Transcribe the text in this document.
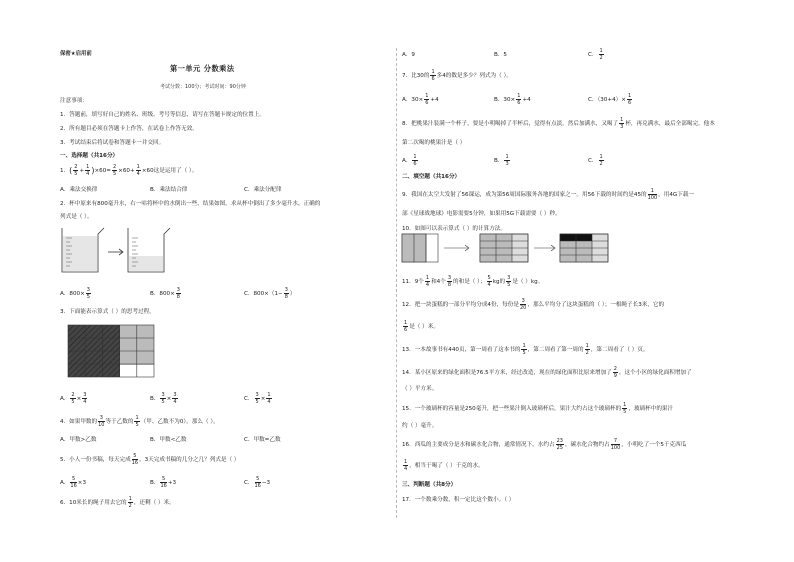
保密★启用前
第一单元 分数乘法
考试分数：100分；考试时间：90分钟
注意事项：
1．答题前，填写好自己的姓名、班级、考号等信息，请写在答题卡规定的位置上。
2．所有题目必须在答题卡上作答，在试卷上作答无效。
3．考试结束后将试卷和答题卡一并交回。
一、选择题（共16分）
1．( $\frac{2}{5} + \frac{1}{4} )\times 60= \frac{2}{5} \times 60+ \frac{1}{4} \times 60$这是运用了（ ）。
A．乘法交换律	B．乘法结合律	C．乘法分配律
2．杯中原来有800毫升水，右一咕将杯中的水倒出一些，结果如图。求从杯中倒出了多少毫升水，正确的
列式是（ ）。
A．$800\times \frac{3}{5}$	B．$800\times \frac{3}{8}$	C．$800\times(1- \frac{3}{8}$ ）
3．下面能表示算式（ ）的思考过程。
A． $\frac{2}{5} \times \frac{3}{4}$	B． $\frac{3}{5} \times \frac{3}{4}$	C． $\frac{3}{5} \times \frac{1}{4}$
4．如果甲数的 $\frac{3}{10}$ 等于乙数的 $\frac{1}{5}$ （甲、乙数不为0），那么（ ）。
A．甲数>乙数	B．甲数<乙数	C．甲数=乙数
5．小人一份书稿，每天完成 $\frac{5}{16}$ ，3天完成书稿的几分之几？列式是（ ）
A． $\frac{5}{16} \times 3$	B． $\frac{5}{16} +3$	C． $\frac{5}{16} -3$
6．10米长的绳子用去它的 $\frac{1}{2}$ ，还剩（ ）米。
A．9	B．5	C． $\frac{1}{2}$
7．比30的 $\frac{1}{6}$ 多4的数是多少？列式为（ ）。
A．$30\times \frac{1}{6} +4$	B．$30\times \frac{1}{6} +4$	C．$(30+4)\times \frac{1}{6}$
8．把桃果汁装满一个杯子，要是小明喝掉了半杯后，觉得有点淡，然后加满水，又喝了 $\frac{1}{3}$ 杯，再兑满水，最后全部喝完。他本
第二次喝的桃果汁是（ ）
A． $\frac{1}{6}$	B． $\frac{1}{3}$	C． $\frac{1}{2}$
二、填空题（共16分）
9．我国在太空大发射了56课运，成为第56周国际服务各地的国家之一。用56下载的时间约是45的 $\frac{1}{100}$ ，用4G下载一
部《星球战地球》电影需要5分钟，如果用5G下载需要（ ）秒。
10．如图可以表示算式（ ）的计算方法。
11．9个 $\frac{1}{4}$ 和4个 $\frac{3}{8}$ 的和是（ ）； $\frac{5}{4}$ kg的 $\frac{3}{5}$ 是（ ）kg。
12．把一块蛋糕的一部分平均分成4份，每份是 $\frac{3}{20}$ ，那么平均分了这块蛋糕的（ ）；一根绳子长3米，它的
$\frac{1}{6}$ 是（ ）米。
13．一本故事书有440页，第一周看了这本书的 $\frac{1}{5}$ ，第二周看了第一周的 $\frac{1}{2}$ ，第二周看了（ ）页。
14．某小区原来的绿化面积是76.5平方米，经过改造，现在的绿化面积比原来增加了 $\frac{2}{9}$ ，这个小区的绿化面积增加了
（ ）平方米。
15．一个玻璃杯的容量是250毫升，把一些果汁倒入玻璃杯后，果汁大约占这个玻璃杯的 $\frac{1}{5}$ ，玻璃杯中的果汁
约（ ）毫升。
16．西瓜的主要成分是水和碳水化合物，通常情况下，水约占 $\frac{23}{25}$ ，碳水化合物约占 $\frac{7}{100}$ ，小明吃了一个5千克西瓜
$\frac{1}{4}$ ，相当于喝了（ ）千克的水。
三、判断题（共8分）
17．一个数乘分数，积一定比这个数小。（ ）
